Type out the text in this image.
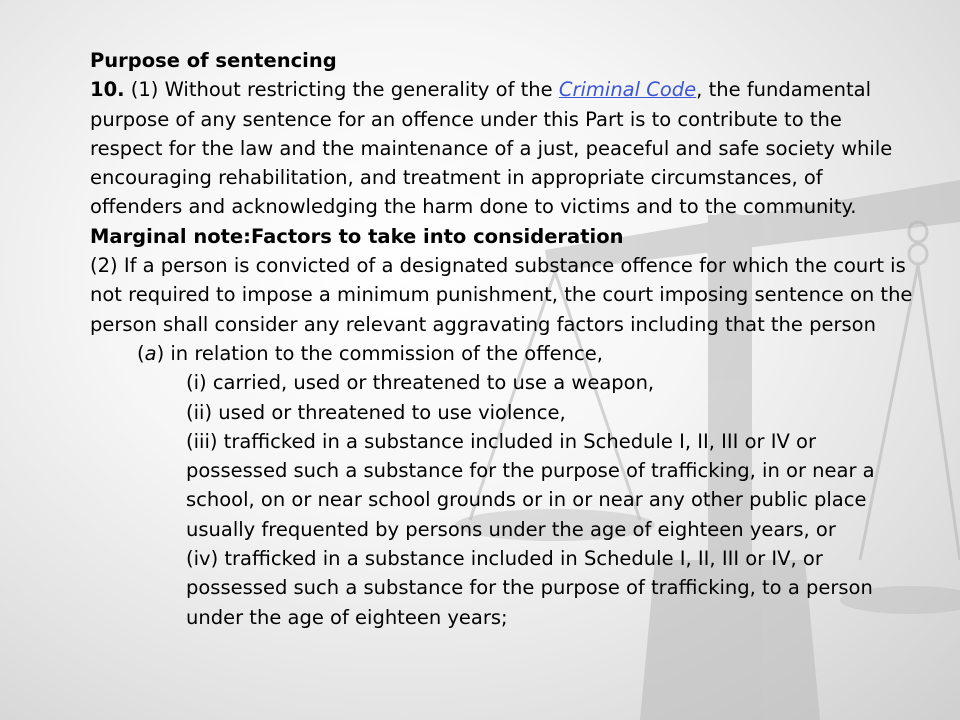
Purpose of sentencing

10. (1) Without restricting the generality of the Criminal Code, the fundamental purpose of any sentence for an offence under this Part is to contribute to the respect for the law and the maintenance of a just, peaceful and safe society while encouraging rehabilitation, and treatment in appropriate circumstances, of offenders and acknowledging the harm done to victims and to the community.

Marginal note:Factors to take into consideration

(2) If a person is convicted of a designated substance offence for which the court is not required to impose a minimum punishment, the court imposing sentence on the person shall consider any relevant aggravating factors including that the person

(a) in relation to the commission of the offence,

(i) carried, used or threatened to use a weapon,

(ii) used or threatened to use violence,

(iii) trafficked in a substance included in Schedule I, II, III or IV or possessed such a substance for the purpose of trafficking, in or near a school, on or near school grounds or in or near any other public place usually frequented by persons under the age of eighteen years, or

(iv) trafficked in a substance included in Schedule I, II, III or IV, or possessed such a substance for the purpose of trafficking, to a person under the age of eighteen years;
